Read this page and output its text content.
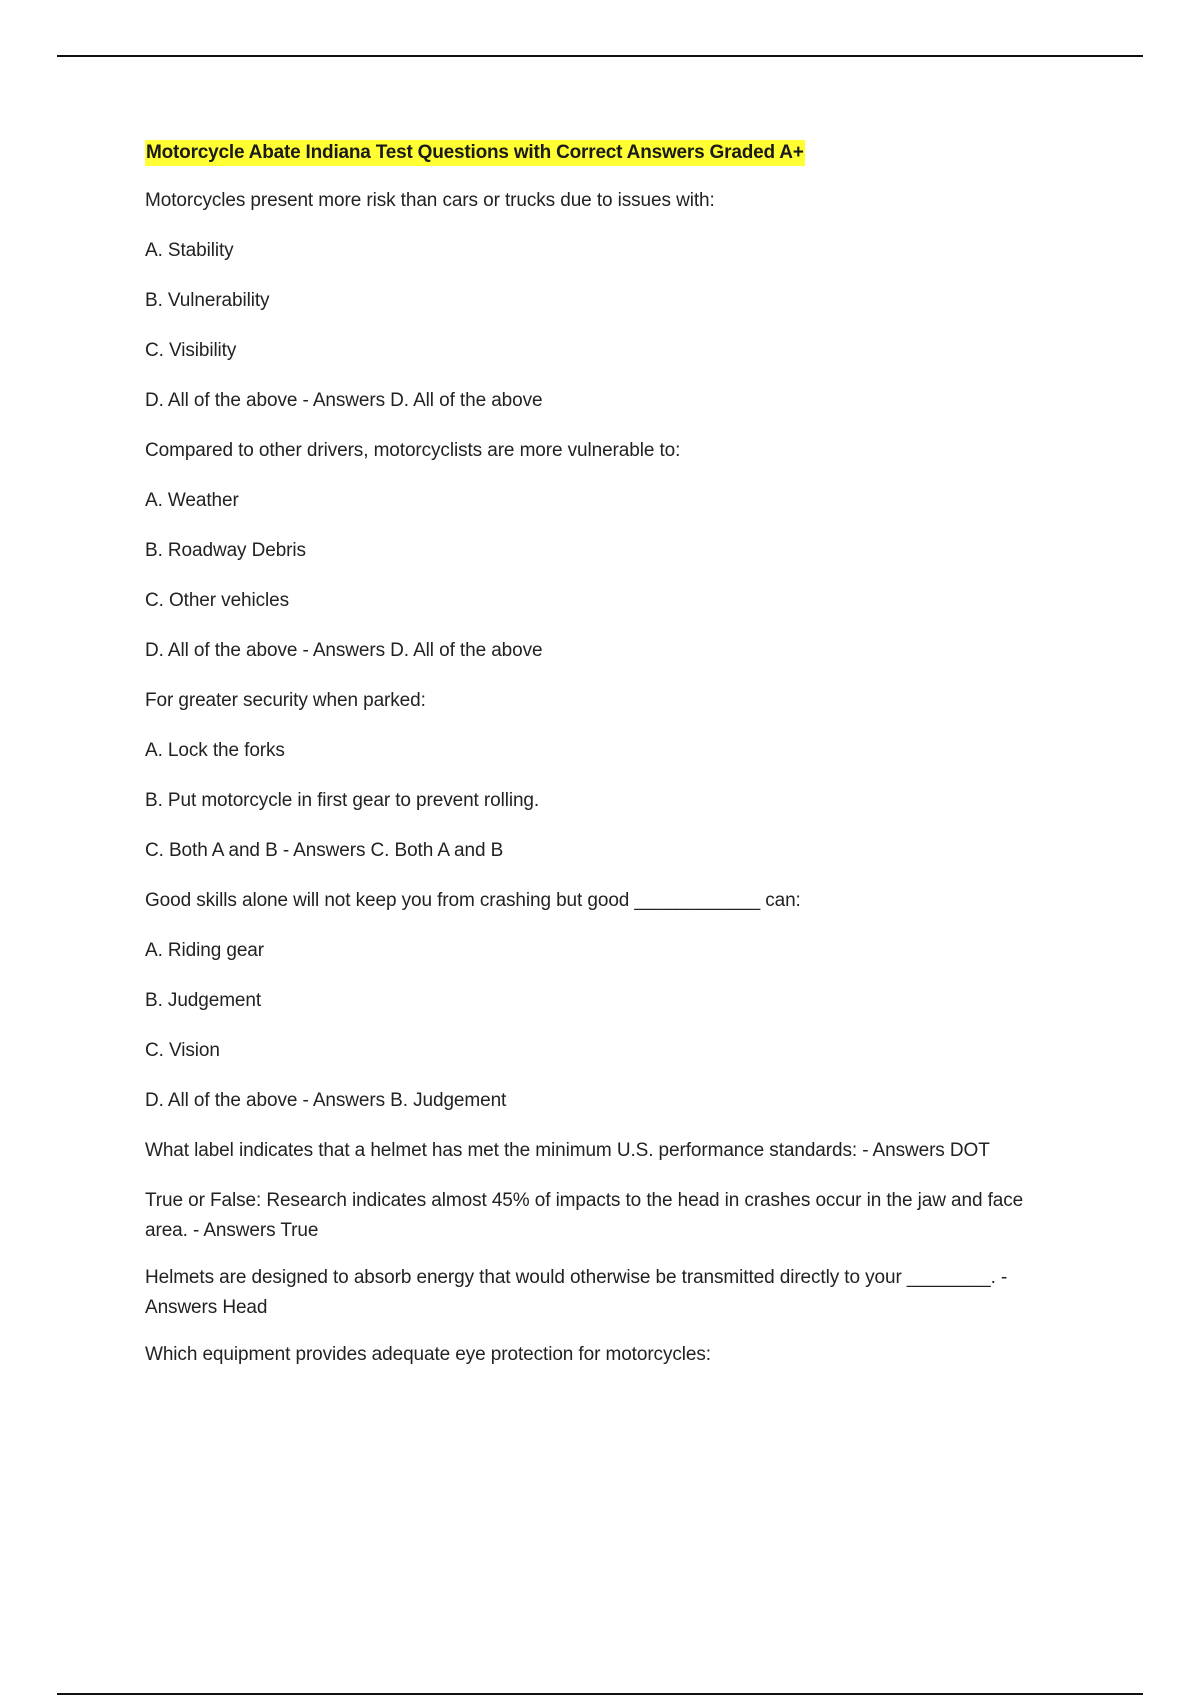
Motorcycle Abate Indiana Test Questions with Correct Answers Graded A+

Motorcycles present more risk than cars or trucks due to issues with:

A. Stability

B. Vulnerability

C. Visibility

D. All of the above - Answers D. All of the above

Compared to other drivers, motorcyclists are more vulnerable to:

A. Weather

B. Roadway Debris

C. Other vehicles

D. All of the above - Answers D. All of the above

For greater security when parked:

A. Lock the forks

B. Put motorcycle in first gear to prevent rolling.

C. Both A and B - Answers C. Both A and B

Good skills alone will not keep you from crashing but good ____________ can:

A. Riding gear

B. Judgement

C. Vision

D. All of the above - Answers B. Judgement

What label indicates that a helmet has met the minimum U.S. performance standards: - Answers DOT

True or False: Research indicates almost 45% of impacts to the head in crashes occur in the jaw and face

area. - Answers True

Helmets are designed to absorb energy that would otherwise be transmitted directly to your ________. -

Answers Head

Which equipment provides adequate eye protection for motorcycles:
